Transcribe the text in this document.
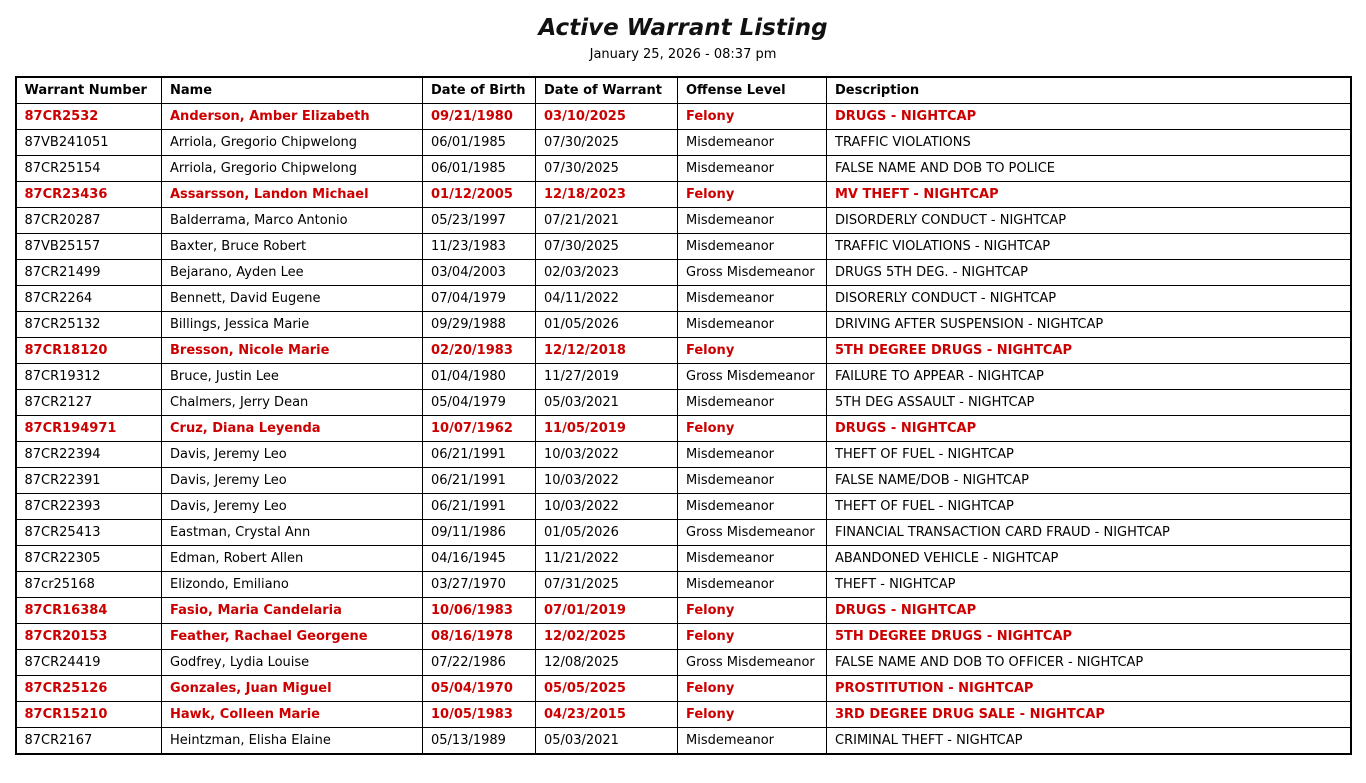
Active Warrant Listing
January 25, 2026 - 08:37 pm
Warrant Number	Name	Date of Birth	Date of Warrant	Offense Level	Description
87CR2532	Anderson, Amber Elizabeth	09/21/1980	03/10/2025	Felony	DRUGS - NIGHTCAP
87VB241051	Arriola, Gregorio Chipwelong	06/01/1985	07/30/2025	Misdemeanor	TRAFFIC VIOLATIONS
87CR25154	Arriola, Gregorio Chipwelong	06/01/1985	07/30/2025	Misdemeanor	FALSE NAME AND DOB TO POLICE
87CR23436	Assarsson, Landon Michael	01/12/2005	12/18/2023	Felony	MV THEFT - NIGHTCAP
87CR20287	Balderrama, Marco Antonio	05/23/1997	07/21/2021	Misdemeanor	DISORDERLY CONDUCT - NIGHTCAP
87VB25157	Baxter, Bruce Robert	11/23/1983	07/30/2025	Misdemeanor	TRAFFIC VIOLATIONS - NIGHTCAP
87CR21499	Bejarano, Ayden Lee	03/04/2003	02/03/2023	Gross Misdemeanor	DRUGS 5TH DEG. - NIGHTCAP
87CR2264	Bennett, David Eugene	07/04/1979	04/11/2022	Misdemeanor	DISORERLY CONDUCT - NIGHTCAP
87CR25132	Billings, Jessica Marie	09/29/1988	01/05/2026	Misdemeanor	DRIVING AFTER SUSPENSION - NIGHTCAP
87CR18120	Bresson, Nicole Marie	02/20/1983	12/12/2018	Felony	5TH DEGREE DRUGS - NIGHTCAP
87CR19312	Bruce, Justin Lee	01/04/1980	11/27/2019	Gross Misdemeanor	FAILURE TO APPEAR - NIGHTCAP
87CR2127	Chalmers, Jerry Dean	05/04/1979	05/03/2021	Misdemeanor	5TH DEG ASSAULT - NIGHTCAP
87CR194971	Cruz, Diana Leyenda	10/07/1962	11/05/2019	Felony	DRUGS - NIGHTCAP
87CR22394	Davis, Jeremy Leo	06/21/1991	10/03/2022	Misdemeanor	THEFT OF FUEL - NIGHTCAP
87CR22391	Davis, Jeremy Leo	06/21/1991	10/03/2022	Misdemeanor	FALSE NAME/DOB - NIGHTCAP
87CR22393	Davis, Jeremy Leo	06/21/1991	10/03/2022	Misdemeanor	THEFT OF FUEL - NIGHTCAP
87CR25413	Eastman, Crystal Ann	09/11/1986	01/05/2026	Gross Misdemeanor	FINANCIAL TRANSACTION CARD FRAUD - NIGHTCAP
87CR22305	Edman, Robert Allen	04/16/1945	11/21/2022	Misdemeanor	ABANDONED VEHICLE - NIGHTCAP
87cr25168	Elizondo, Emiliano	03/27/1970	07/31/2025	Misdemeanor	THEFT - NIGHTCAP
87CR16384	Fasio, Maria Candelaria	10/06/1983	07/01/2019	Felony	DRUGS - NIGHTCAP
87CR20153	Feather, Rachael Georgene	08/16/1978	12/02/2025	Felony	5TH DEGREE DRUGS - NIGHTCAP
87CR24419	Godfrey, Lydia Louise	07/22/1986	12/08/2025	Gross Misdemeanor	FALSE NAME AND DOB TO OFFICER - NIGHTCAP
87CR25126	Gonzales, Juan Miguel	05/04/1970	05/05/2025	Felony	PROSTITUTION - NIGHTCAP
87CR15210	Hawk, Colleen Marie	10/05/1983	04/23/2015	Felony	3RD DEGREE DRUG SALE - NIGHTCAP
87CR2167	Heintzman, Elisha Elaine	05/13/1989	05/03/2021	Misdemeanor	CRIMINAL THEFT - NIGHTCAP
